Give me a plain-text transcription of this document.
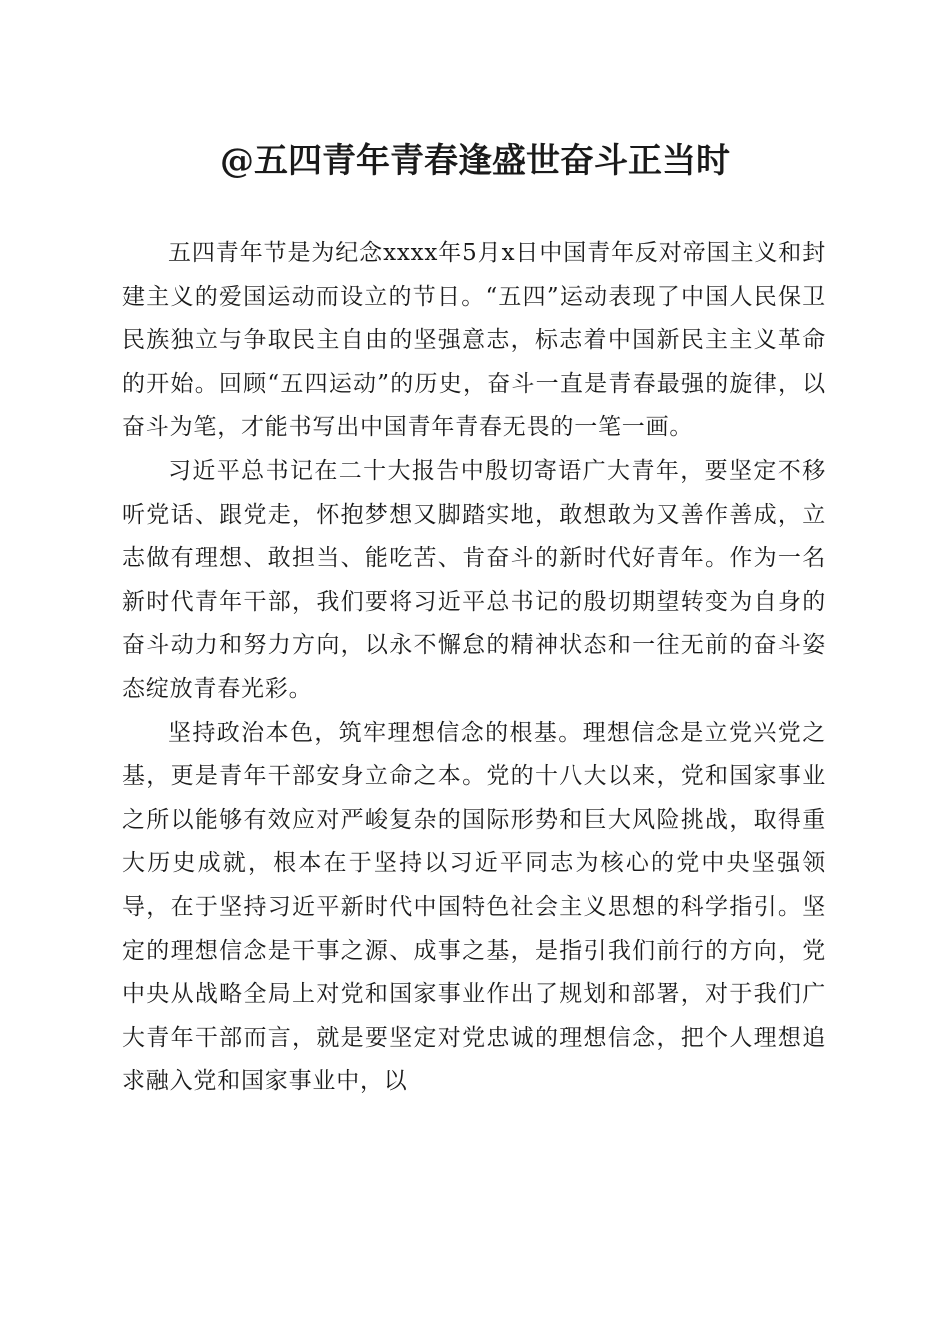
@五四青年青春逢盛世奋斗正当时

五四青年节是为纪念xxxx年5月x日中国青年反对帝国主义和封建主义的爱国运动而设立的节日。“五四”运动表现了中国人民保卫民族独立与争取民主自由的坚强意志，标志着中国新民主主义革命的开始。回顾“五四运动”的历史，奋斗一直是青春最强的旋律，以奋斗为笔，才能书写出中国青年青春无畏的一笔一画。

习近平总书记在二十大报告中殷切寄语广大青年，要坚定不移听党话、跟党走，怀抱梦想又脚踏实地，敢想敢为又善作善成，立志做有理想、敢担当、能吃苦、肯奋斗的新时代好青年。作为一名新时代青年干部，我们要将习近平总书记的殷切期望转变为自身的奋斗动力和努力方向，以永不懈怠的精神状态和一往无前的奋斗姿态绽放青春光彩。

坚持政治本色，筑牢理想信念的根基。理想信念是立党兴党之基，更是青年干部安身立命之本。党的十八大以来，党和国家事业之所以能够有效应对严峻复杂的国际形势和巨大风险挑战，取得重大历史成就，根本在于坚持以习近平同志为核心的党中央坚强领导，在于坚持习近平新时代中国特色社会主义思想的科学指引。坚定的理想信念是干事之源、成事之基，是指引我们前行的方向，党中央从战略全局上对党和国家事业作出了规划和部署，对于我们广大青年干部而言，就是要坚定对党忠诚的理想信念，把个人理想追求融入党和国家事业中，以
